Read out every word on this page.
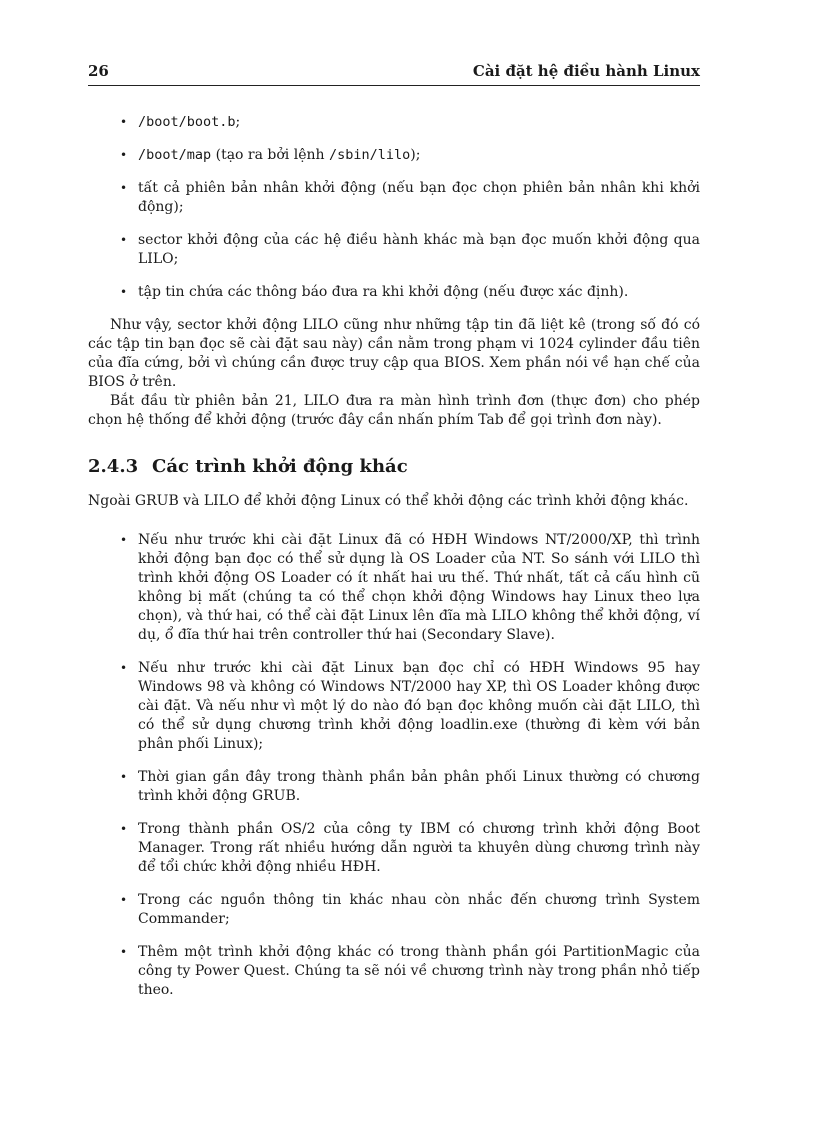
26	Cài đặt hệ điều hành Linux
• /boot/boot.b;
• /boot/map (tạo ra bởi lệnh /sbin/lilo);
• tất cả phiên bản nhân khởi động (nếu bạn đọc chọn phiên bản nhân khi khởi động);
• sector khởi động của các hệ điều hành khác mà bạn đọc muốn khởi động qua LILO;
• tập tin chứa các thông báo đưa ra khi khởi động (nếu được xác định).

Như vậy, sector khởi động LILO cũng như những tập tin đã liệt kê (trong số đó có các tập tin bạn đọc sẽ cài đặt sau này) cần nằm trong phạm vi 1024 cylinder đầu tiên của đĩa cứng, bởi vì chúng cần được truy cập qua BIOS. Xem phần nói về hạn chế của BIOS ở trên.

Bắt đầu từ phiên bản 21, LILO đưa ra màn hình trình đơn (thực đơn) cho phép chọn hệ thống để khởi động (trước đây cần nhấn phím Tab để gọi trình đơn này).

2.4.3 Các trình khởi động khác

Ngoài GRUB và LILO để khởi động Linux có thể khởi động các trình khởi động khác.

• Nếu như trước khi cài đặt Linux đã có HĐH Windows NT/2000/XP, thì trình khởi động bạn đọc có thể sử dụng là OS Loader của NT. So sánh với LILO thì trình khởi động OS Loader có ít nhất hai ưu thế. Thứ nhất, tất cả cấu hình cũ không bị mất (chúng ta có thể chọn khởi động Windows hay Linux theo lựa chọn), và thứ hai, có thể cài đặt Linux lên đĩa mà LILO không thể khởi động, ví dụ, ổ đĩa thứ hai trên controller thứ hai (Secondary Slave).
• Nếu như trước khi cài đặt Linux bạn đọc chỉ có HĐH Windows 95 hay Windows 98 và không có Windows NT/2000 hay XP, thì OS Loader không được cài đặt. Và nếu như vì một lý do nào đó bạn đọc không muốn cài đặt LILO, thì có thể sử dụng chương trình khởi động loadlin.exe (thường đi kèm với bản phân phối Linux);
• Thời gian gần đây trong thành phần bản phân phối Linux thường có chương trình khởi động GRUB.
• Trong thành phần OS/2 của công ty IBM có chương trình khởi động Boot Manager. Trong rất nhiều hướng dẫn người ta khuyên dùng chương trình này để tổi chức khởi động nhiều HĐH.
• Trong các nguồn thông tin khác nhau còn nhắc đến chương trình System Commander;
• Thêm một trình khởi động khác có trong thành phần gói PartitionMagic của công ty Power Quest. Chúng ta sẽ nói về chương trình này trong phần nhỏ tiếp theo.
